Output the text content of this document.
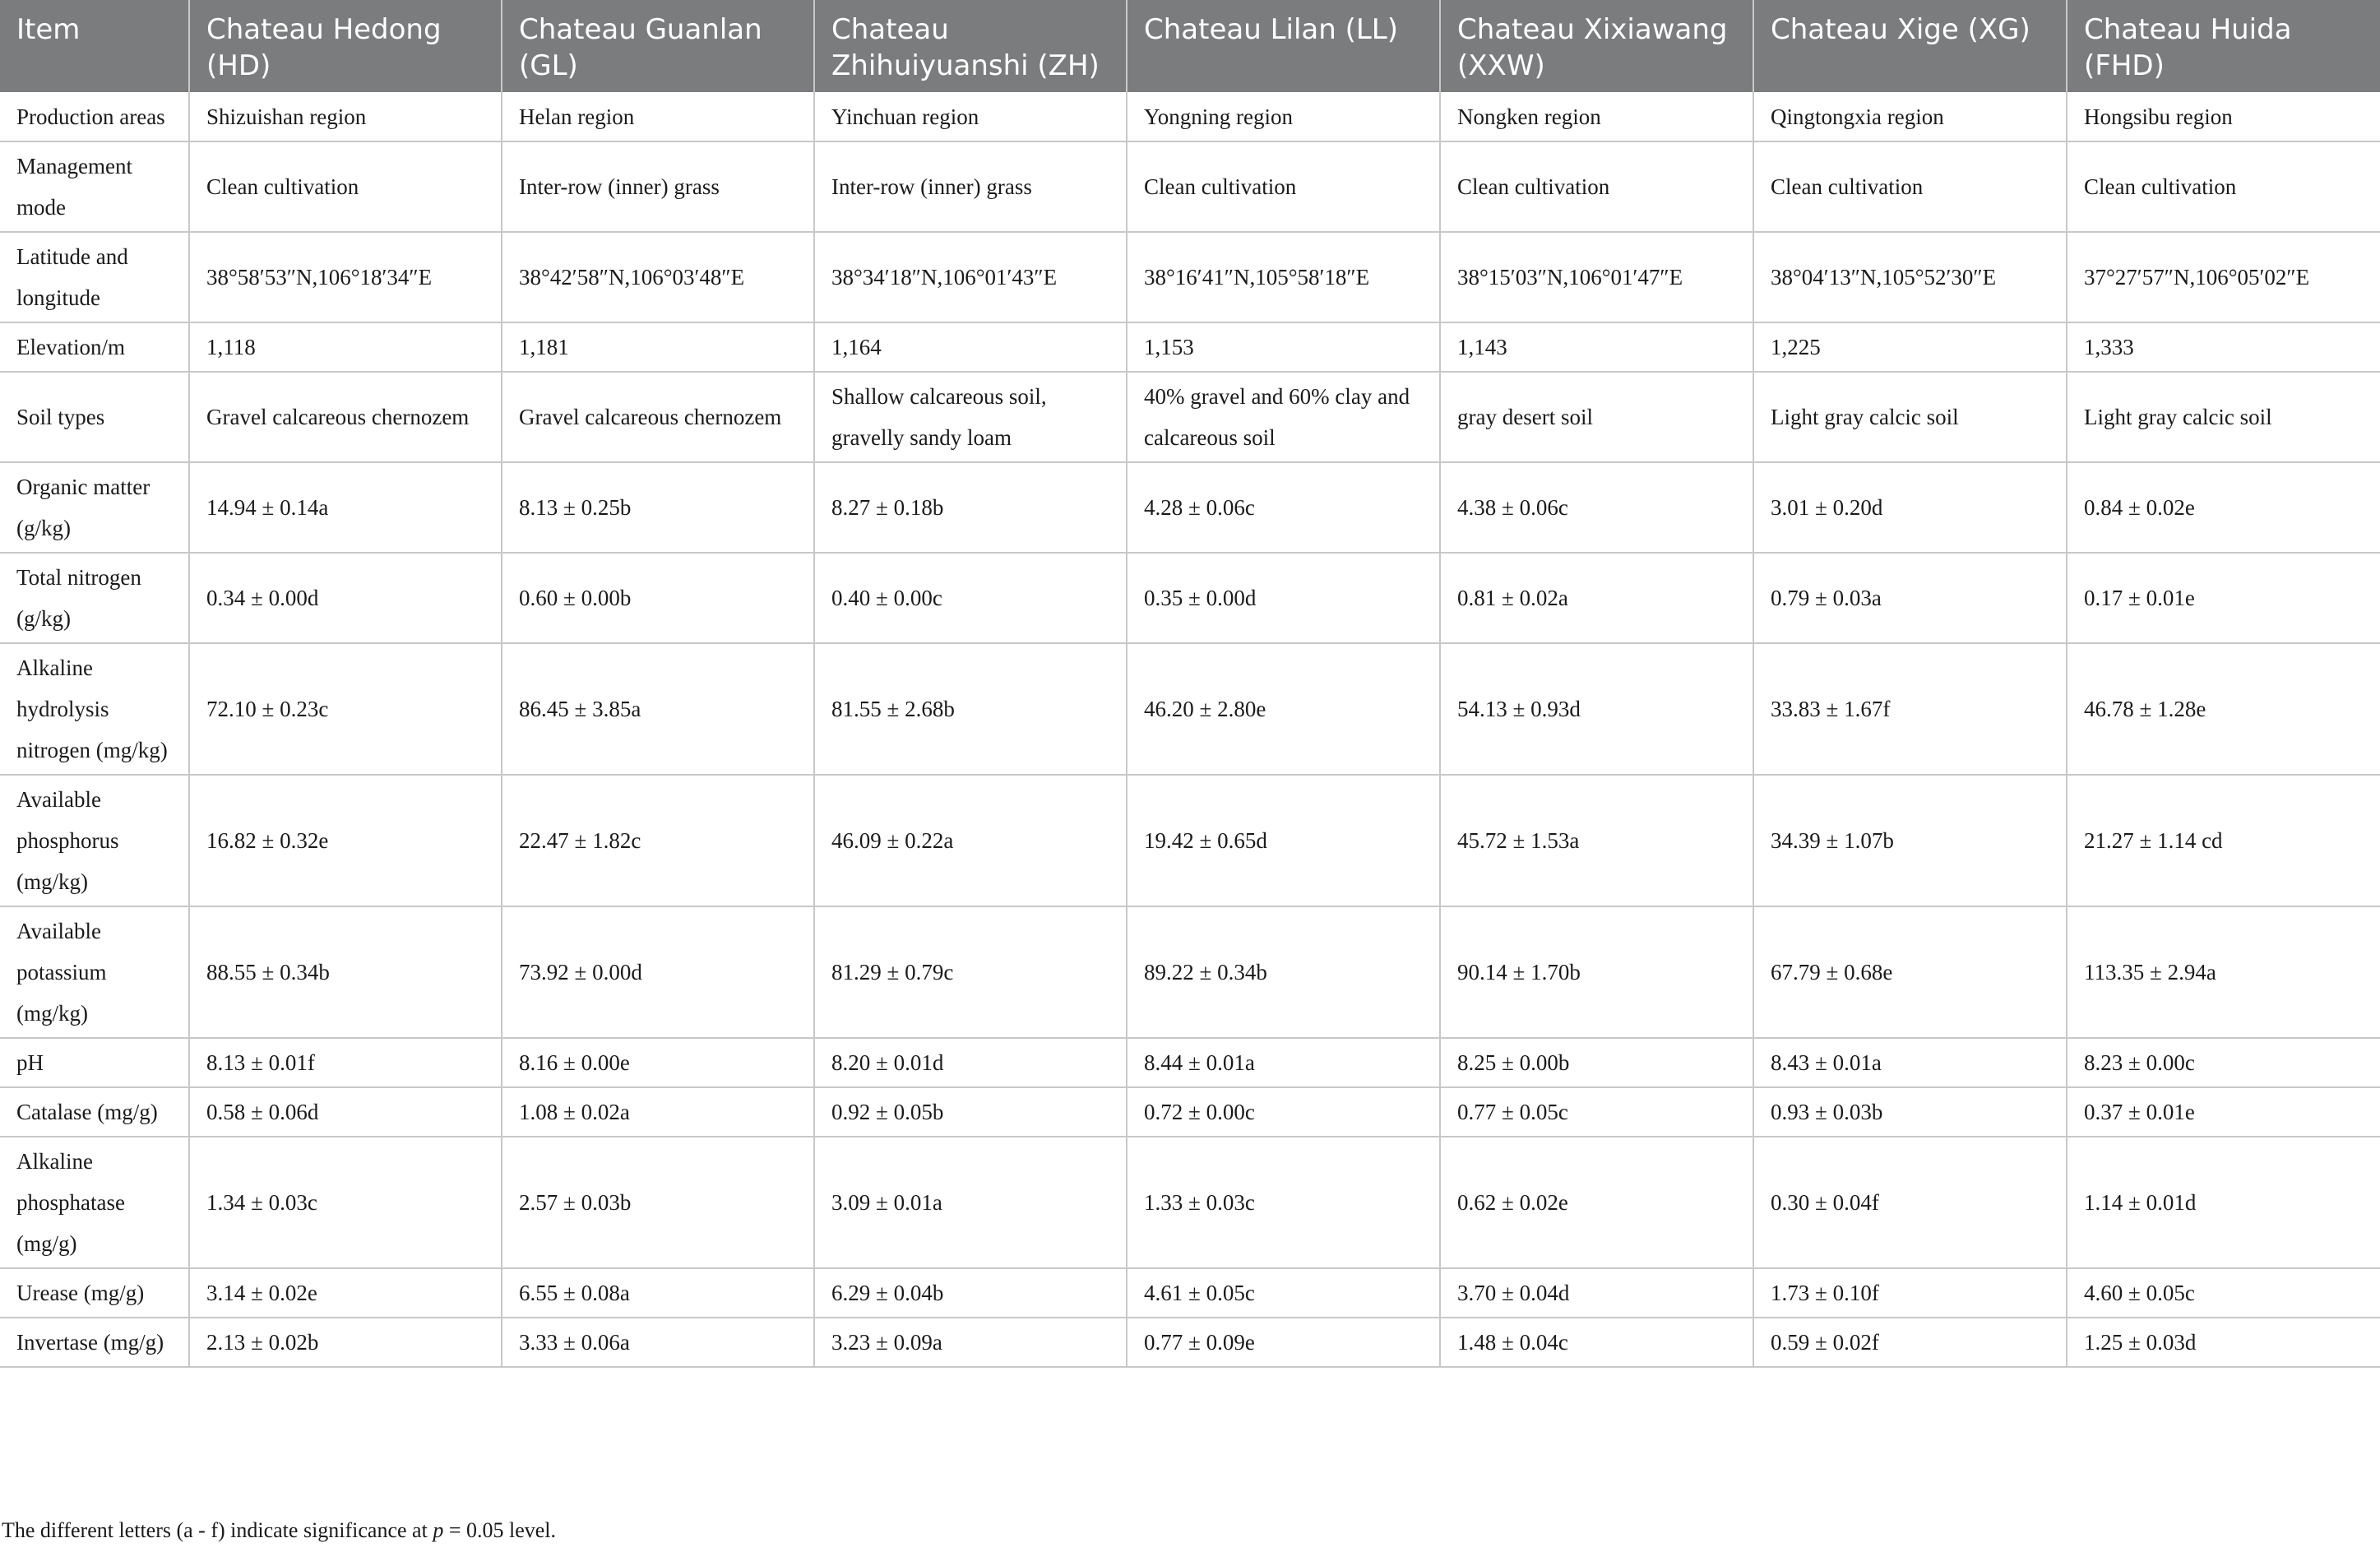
Item	Chateau Hedong (HD)	Chateau Guanlan (GL)	Chateau Zhihuiyuanshi (ZH)	Chateau Lilan (LL)	Chateau Xixiawang (XXW)	Chateau Xige (XG)	Chateau Huida (FHD)
Production areas	Shizuishan region	Helan region	Yinchuan region	Yongning region	Nongken region	Qingtongxia region	Hongsibu region
Management mode	Clean cultivation	Inter-row (inner) grass	Inter-row (inner) grass	Clean cultivation	Clean cultivation	Clean cultivation	Clean cultivation
Latitude and longitude	38°58′53″N,106°18′34″E	38°42′58″N,106°03′48″E	38°34′18″N,106°01′43″E	38°16′41″N,105°58′18″E	38°15′03″N,106°01′47″E	38°04′13″N,105°52′30″E	37°27′57″N,106°05′02″E
Elevation/m	1,118	1,181	1,164	1,153	1,143	1,225	1,333
Soil types	Gravel calcareous chernozem	Gravel calcareous chernozem	Shallow calcareous soil, gravelly sandy loam	40% gravel and 60% clay and calcareous soil	gray desert soil	Light gray calcic soil	Light gray calcic soil
Organic matter (g/kg)	14.94 ± 0.14a	8.13 ± 0.25b	8.27 ± 0.18b	4.28 ± 0.06c	4.38 ± 0.06c	3.01 ± 0.20d	0.84 ± 0.02e
Total nitrogen (g/kg)	0.34 ± 0.00d	0.60 ± 0.00b	0.40 ± 0.00c	0.35 ± 0.00d	0.81 ± 0.02a	0.79 ± 0.03a	0.17 ± 0.01e
Alkaline hydrolysis nitrogen (mg/kg)	72.10 ± 0.23c	86.45 ± 3.85a	81.55 ± 2.68b	46.20 ± 2.80e	54.13 ± 0.93d	33.83 ± 1.67f	46.78 ± 1.28e
Available phosphorus (mg/kg)	16.82 ± 0.32e	22.47 ± 1.82c	46.09 ± 0.22a	19.42 ± 0.65d	45.72 ± 1.53a	34.39 ± 1.07b	21.27 ± 1.14 cd
Available potassium (mg/kg)	88.55 ± 0.34b	73.92 ± 0.00d	81.29 ± 0.79c	89.22 ± 0.34b	90.14 ± 1.70b	67.79 ± 0.68e	113.35 ± 2.94a
pH	8.13 ± 0.01f	8.16 ± 0.00e	8.20 ± 0.01d	8.44 ± 0.01a	8.25 ± 0.00b	8.43 ± 0.01a	8.23 ± 0.00c
Catalase (mg/g)	0.58 ± 0.06d	1.08 ± 0.02a	0.92 ± 0.05b	0.72 ± 0.00c	0.77 ± 0.05c	0.93 ± 0.03b	0.37 ± 0.01e
Alkaline phosphatase (mg/g)	1.34 ± 0.03c	2.57 ± 0.03b	3.09 ± 0.01a	1.33 ± 0.03c	0.62 ± 0.02e	0.30 ± 0.04f	1.14 ± 0.01d
Urease (mg/g)	3.14 ± 0.02e	6.55 ± 0.08a	6.29 ± 0.04b	4.61 ± 0.05c	3.70 ± 0.04d	1.73 ± 0.10f	4.60 ± 0.05c
Invertase (mg/g)	2.13 ± 0.02b	3.33 ± 0.06a	3.23 ± 0.09a	0.77 ± 0.09e	1.48 ± 0.04c	0.59 ± 0.02f	1.25 ± 0.03d

The different letters (a - f) indicate significance at p = 0.05 level.
